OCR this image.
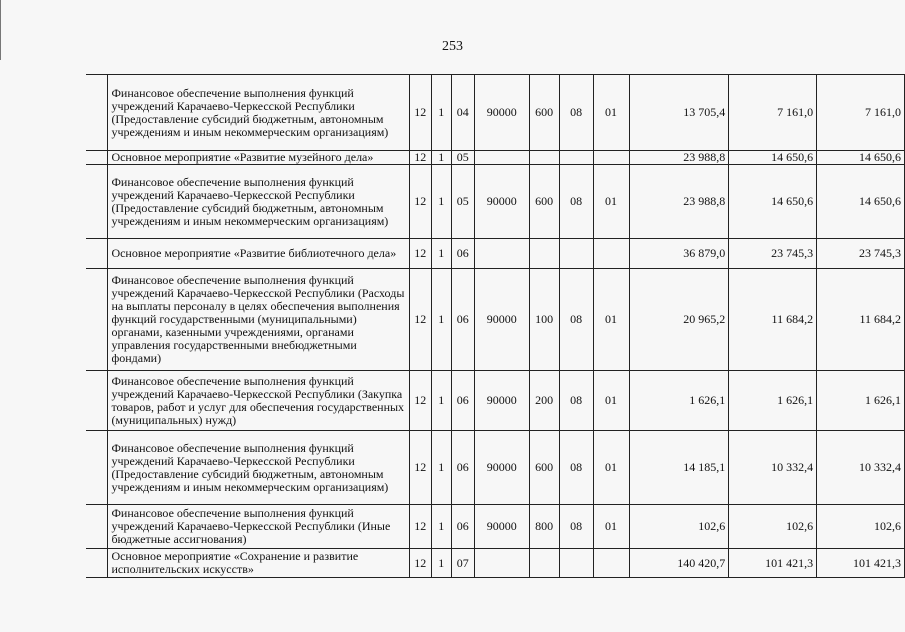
253
	Финансовое обеспечение выполнения функций учреждений Карачаево-Черкесской Республики (Предоставление субсидий бюджетным, автономным учреждениям и иным некоммерческим организациям)	12	1	04	90000	600	08	01	13 705,4	7 161,0	7 161,0
	Основное мероприятие «Развитие музейного дела»	12	1	05					23 988,8	14 650,6	14 650,6
	Финансовое обеспечение выполнения функций учреждений Карачаево-Черкесской Республики (Предоставление субсидий бюджетным, автономным учреждениям и иным некоммерческим организациям)	12	1	05	90000	600	08	01	23 988,8	14 650,6	14 650,6
	Основное мероприятие «Развитие библиотечного дела»	12	1	06					36 879,0	23 745,3	23 745,3
	Финансовое обеспечение выполнения функций учреждений Карачаево-Черкесской Республики (Расходы на выплаты персоналу в целях обеспечения выполнения функций государственными (муниципальными) органами, казенными учреждениями, органами управления государственными внебюджетными фондами)	12	1	06	90000	100	08	01	20 965,2	11 684,2	11 684,2
	Финансовое обеспечение выполнения функций учреждений Карачаево-Черкесской Республики (Закупка товаров, работ и услуг для обеспечения государственных (муниципальных) нужд)	12	1	06	90000	200	08	01	1 626,1	1 626,1	1 626,1
	Финансовое обеспечение выполнения функций учреждений Карачаево-Черкесской Республики (Предоставление субсидий бюджетным, автономным учреждениям и иным некоммерческим организациям)	12	1	06	90000	600	08	01	14 185,1	10 332,4	10 332,4
	Финансовое обеспечение выполнения функций учреждений Карачаево-Черкесской Республики (Иные бюджетные ассигнования)	12	1	06	90000	800	08	01	102,6	102,6	102,6
	Основное мероприятие «Сохранение и развитие исполнительских искусств»	12	1	07					140 420,7	101 421,3	101 421,3
